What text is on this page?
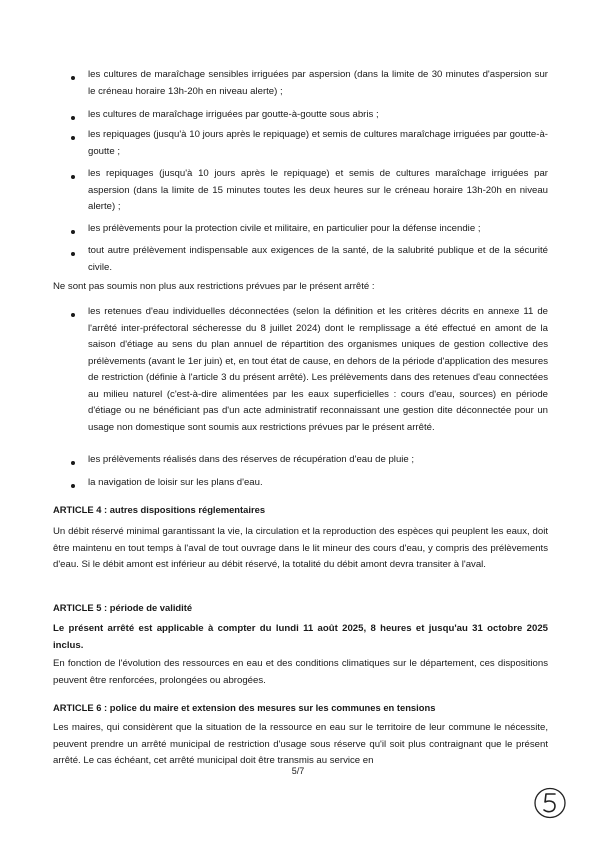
les cultures de maraîchage sensibles irriguées par aspersion (dans la limite de 30 minutes d'aspersion sur le créneau horaire 13h-20h en niveau alerte) ;
les cultures de maraîchage irriguées par goutte-à-goutte sous abris ;
les repiquages (jusqu'à 10 jours après le repiquage) et semis de cultures maraîchage irriguées par goutte-à-goutte ;
les repiquages (jusqu'à 10 jours après le repiquage) et semis de cultures maraîchage irriguées par aspersion (dans la limite de 15 minutes toutes les deux heures sur le créneau horaire 13h-20h en niveau alerte) ;
les prélèvements pour la protection civile et militaire, en particulier pour la défense incendie ;
tout autre prélèvement indispensable aux exigences de la santé, de la salubrité publique et de la sécurité civile.
Ne sont pas soumis non plus aux restrictions prévues par le présent arrêté :
les retenues d'eau individuelles déconnectées (selon la définition et les critères décrits en annexe 11 de l'arrêté inter-préfectoral sécheresse du 8 juillet 2024) dont le remplissage a été effectué en amont de la saison d'étiage au sens du plan annuel de répartition des organismes uniques de gestion collective des prélèvements (avant le 1er juin) et, en tout état de cause, en dehors de la période d'application des mesures de restriction (définie à l'article 3 du présent arrêté). Les prélèvements dans des retenues d'eau connectées au milieu naturel (c'est-à-dire alimentées par les eaux superficielles : cours d'eau, sources) en période d'étiage ou ne bénéficiant pas d'un acte administratif reconnaissant une gestion dite déconnectée pour un usage non domestique sont soumis aux restrictions prévues par le présent arrêté.
les prélèvements réalisés dans des réserves de récupération d'eau de pluie ;
la navigation de loisir sur les plans d'eau.
ARTICLE 4 : autres dispositions réglementaires
Un débit réservé minimal garantissant la vie, la circulation et la reproduction des espèces qui peuplent les eaux, doit être maintenu en tout temps à l'aval de tout ouvrage dans le lit mineur des cours d'eau, y compris des prélèvements d'eau. Si le débit amont est inférieur au débit réservé, la totalité du débit amont devra transiter à l'aval.
ARTICLE 5 : période de validité
Le présent arrêté est applicable à compter du lundi 11 août 2025, 8 heures et jusqu'au 31 octobre 2025 inclus.
En fonction de l'évolution des ressources en eau et des conditions climatiques sur le département, ces dispositions peuvent être renforcées, prolongées ou abrogées.
ARTICLE 6 : police du maire et extension des mesures sur les communes en tensions
Les maires, qui considèrent que la situation de la ressource en eau sur le territoire de leur commune le nécessite, peuvent prendre un arrêté municipal de restriction d'usage sous réserve qu'il soit plus contraignant que le présent arrêté. Le cas échéant, cet arrêté municipal doit être transmis au service en
5/7
